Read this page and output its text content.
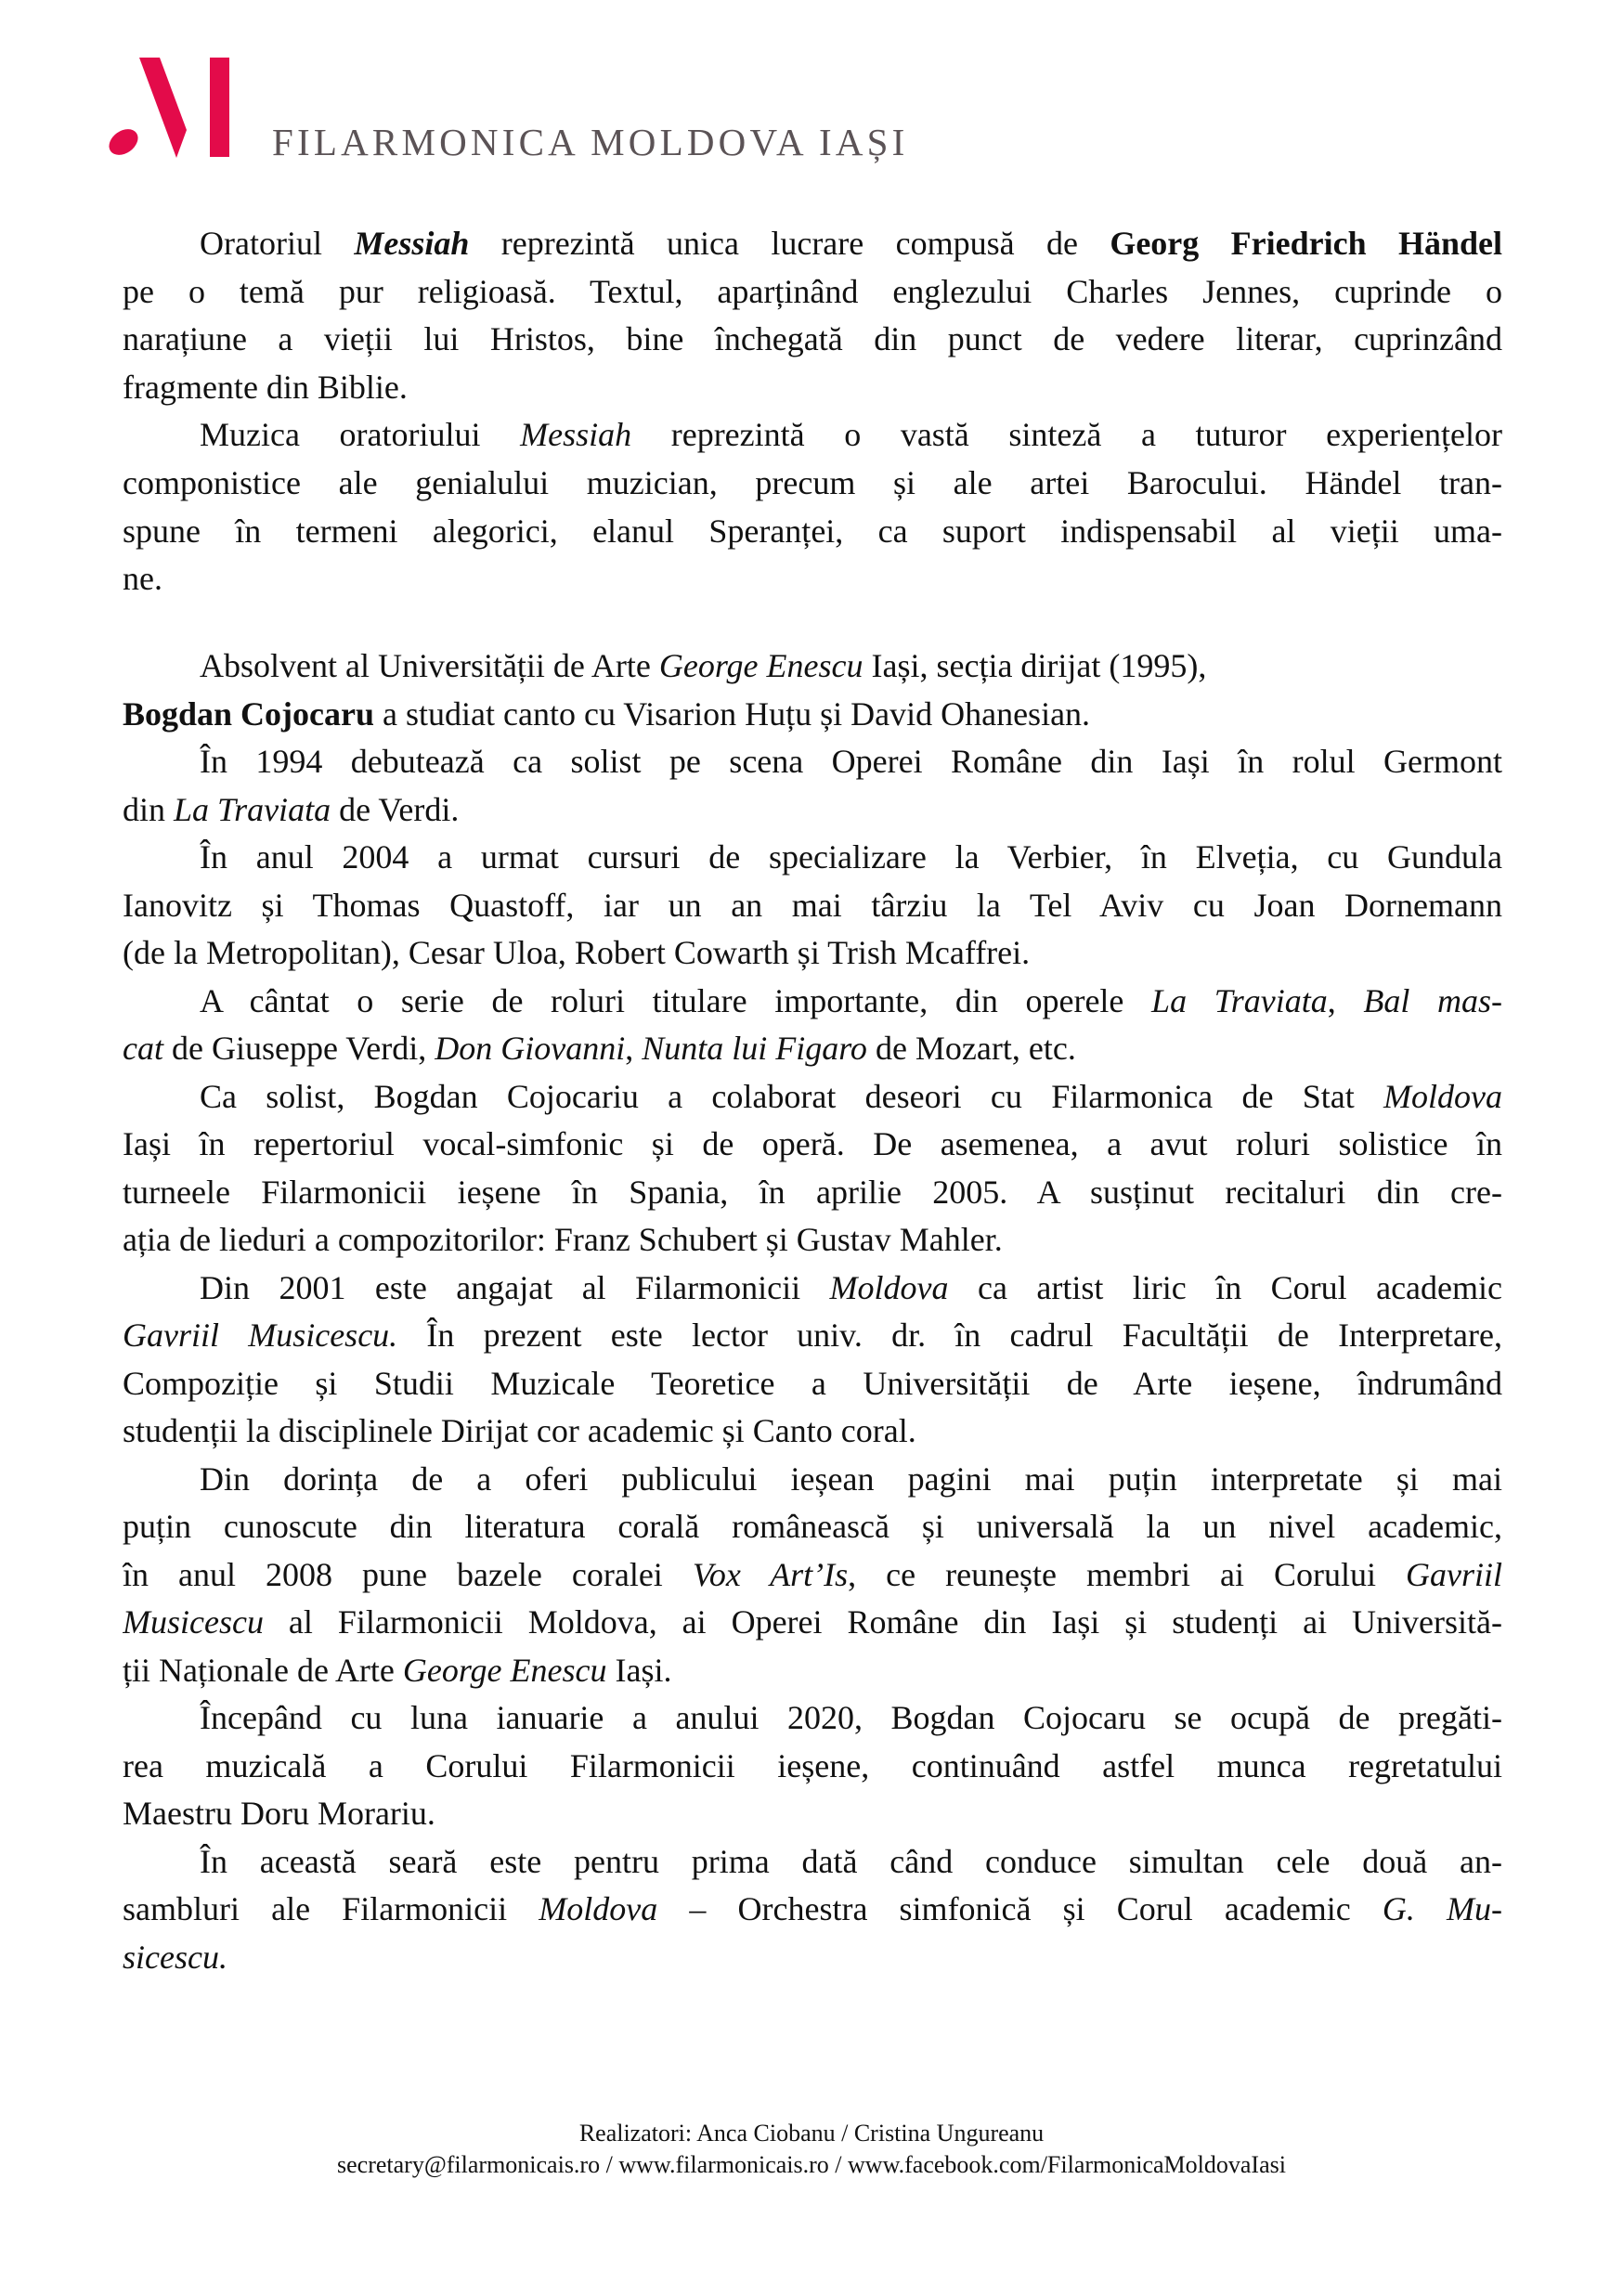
FILARMONICA MOLDOVA IAȘI
Oratoriul Messiah reprezintă unica lucrare compusă de Georg Friedrich Händel
pe o temă pur religioasă. Textul, aparținând englezului Charles Jennes, cuprinde o
narațiune a vieții lui Hristos, bine închegată din punct de vedere literar, cuprinzând
fragmente din Biblie.
Muzica oratoriului Messiah reprezintă o vastă sinteză a tuturor experiențelor
componistice ale genialului muzician, precum și ale artei Barocului. Händel tran-
spune în termeni alegorici, elanul Speranței, ca suport indispensabil al vieții uma-
ne.
Absolvent al Universității de Arte George Enescu Iași, secția dirijat (1995),
Bogdan Cojocaru a studiat canto cu Visarion Huțu și David Ohanesian.
În 1994 debutează ca solist pe scena Operei Române din Iași în rolul Germont
din La Traviata de Verdi.
În anul 2004 a urmat cursuri de specializare la Verbier, în Elveția, cu Gundula
Ianovitz și Thomas Quastoff, iar un an mai târziu la Tel Aviv cu Joan Dornemann
(de la Metropolitan), Cesar Uloa, Robert Cowarth și Trish Mcaffrei.
A cântat o serie de roluri titulare importante, din operele La Traviata, Bal mas-
cat de Giuseppe Verdi, Don Giovanni, Nunta lui Figaro de Mozart, etc.
Ca solist, Bogdan Cojocariu a colaborat deseori cu Filarmonica de Stat Moldova
Iași în repertoriul vocal-simfonic și de operă. De asemenea, a avut roluri solistice în
turneele Filarmonicii ieșene în Spania, în aprilie 2005. A susținut recitaluri din cre-
ația de lieduri a compozitorilor: Franz Schubert și Gustav Mahler.
Din 2001 este angajat al Filarmonicii Moldova ca artist liric în Corul academic
Gavriil Musicescu. În prezent este lector univ. dr. în cadrul Facultății de Interpretare,
Compoziție și Studii Muzicale Teoretice a Universității de Arte ieșene, îndrumând
studenții la disciplinele Dirijat cor academic și Canto coral.
Din dorința de a oferi publicului ieșean pagini mai puțin interpretate și mai
puțin cunoscute din literatura corală românească și universală la un nivel academic,
în anul 2008 pune bazele coralei Vox Art’Is, ce reunește membri ai Corului Gavriil
Musicescu al Filarmonicii Moldova, ai Operei Române din Iași și studenți ai Universită-
ții Naționale de Arte George Enescu Iași.
Începând cu luna ianuarie a anului 2020, Bogdan Cojocaru se ocupă de pregăti-
rea muzicală a Corului Filarmonicii ieșene, continuând astfel munca regretatului
Maestru Doru Morariu.
În această seară este pentru prima dată când conduce simultan cele două an-
sambluri ale Filarmonicii Moldova – Orchestra simfonică și Corul academic G. Mu-
sicescu.
Realizatori: Anca Ciobanu / Cristina Ungureanu
secretary@filarmonicais.ro / www.filarmonicais.ro / www.facebook.com/FilarmonicaMoldovaIasi
